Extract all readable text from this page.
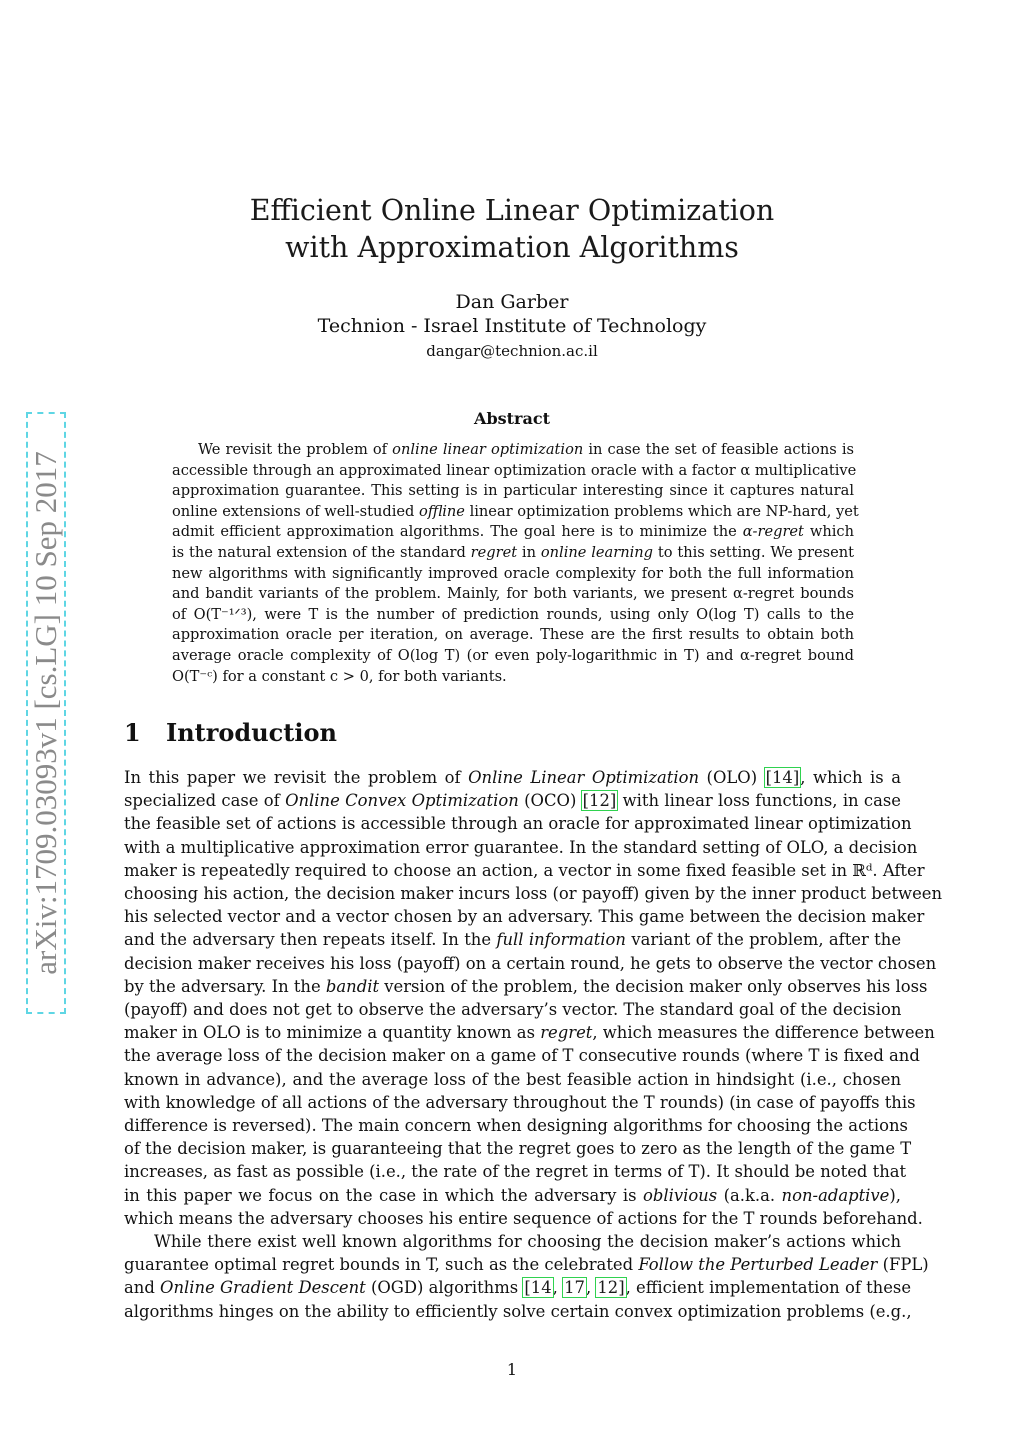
Efficient Online Linear Optimization
with Approximation Algorithms
Dan Garber
Technion - Israel Institute of Technology
dangar@technion.ac.il
arXiv:1709.03093v1 [cs.LG] 10 Sep 2017
Abstract
We revisit the problem of online linear optimization in case the set of feasible actions is
accessible through an approximated linear optimization oracle with a factor α multiplicative
approximation guarantee. This setting is in particular interesting since it captures natural
online extensions of well-studied offline linear optimization problems which are NP-hard, yet
admit efficient approximation algorithms. The goal here is to minimize the α-regret which
is the natural extension of the standard regret in online learning to this setting. We present
new algorithms with significantly improved oracle complexity for both the full information
and bandit variants of the problem. Mainly, for both variants, we present α-regret bounds
of O(T⁻¹ᐟ³), were T is the number of prediction rounds, using only O(log T) calls to the
approximation oracle per iteration, on average. These are the first results to obtain both
average oracle complexity of O(log T) (or even poly-logarithmic in T) and α-regret bound
O(T⁻ᶜ) for a constant c > 0, for both variants.
1 Introduction
In this paper we revisit the problem of Online Linear Optimization (OLO) [14], which is a
specialized case of Online Convex Optimization (OCO) [12] with linear loss functions, in case
the feasible set of actions is accessible through an oracle for approximated linear optimization
with a multiplicative approximation error guarantee. In the standard setting of OLO, a decision
maker is repeatedly required to choose an action, a vector in some fixed feasible set in ℝᵈ. After
choosing his action, the decision maker incurs loss (or payoff) given by the inner product between
his selected vector and a vector chosen by an adversary. This game between the decision maker
and the adversary then repeats itself. In the full information variant of the problem, after the
decision maker receives his loss (payoff) on a certain round, he gets to observe the vector chosen
by the adversary. In the bandit version of the problem, the decision maker only observes his loss
(payoff) and does not get to observe the adversary’s vector. The standard goal of the decision
maker in OLO is to minimize a quantity known as regret, which measures the difference between
the average loss of the decision maker on a game of T consecutive rounds (where T is fixed and
known in advance), and the average loss of the best feasible action in hindsight (i.e., chosen
with knowledge of all actions of the adversary throughout the T rounds) (in case of payoffs this
difference is reversed). The main concern when designing algorithms for choosing the actions
of the decision maker, is guaranteeing that the regret goes to zero as the length of the game T
increases, as fast as possible (i.e., the rate of the regret in terms of T). It should be noted that
in this paper we focus on the case in which the adversary is oblivious (a.k.a. non-adaptive),
which means the adversary chooses his entire sequence of actions for the T rounds beforehand.
While there exist well known algorithms for choosing the decision maker’s actions which
guarantee optimal regret bounds in T, such as the celebrated Follow the Perturbed Leader (FPL)
and Online Gradient Descent (OGD) algorithms [14, 17, 12], efficient implementation of these
algorithms hinges on the ability to efficiently solve certain convex optimization problems (e.g.,
1
